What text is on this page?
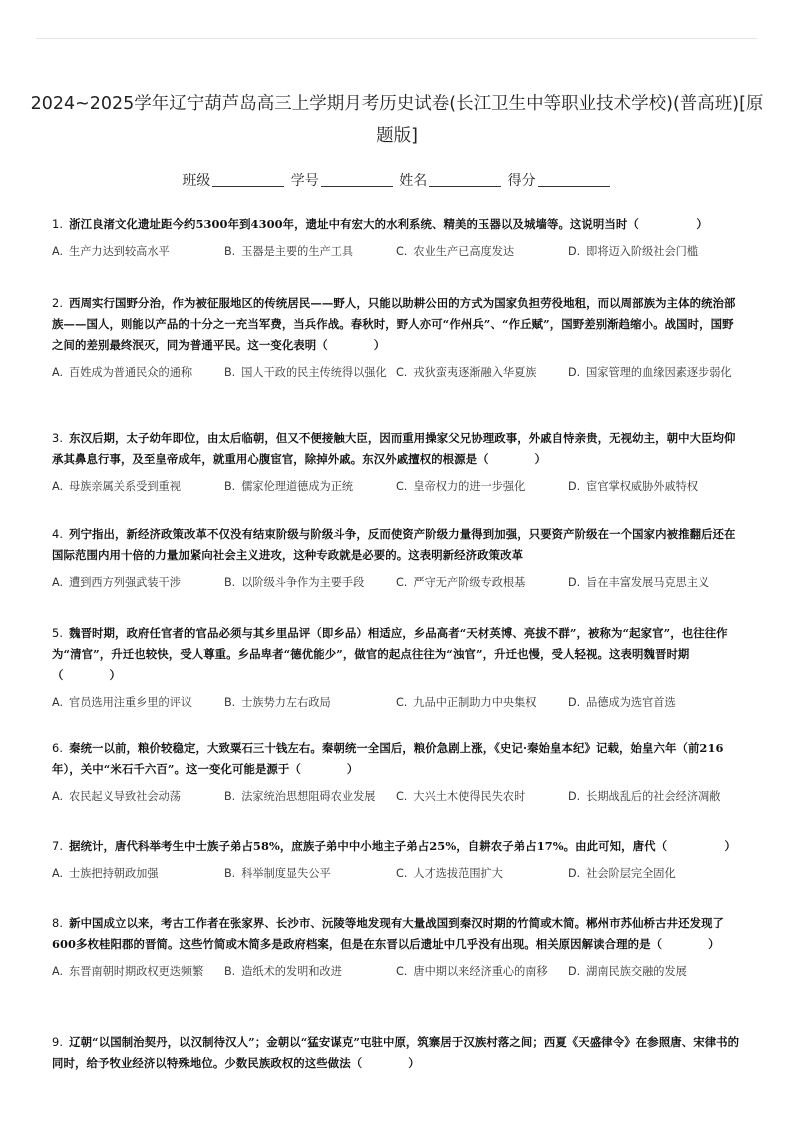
2024~2025学年辽宁葫芦岛高三上学期月考历史试卷(长江卫生中等职业技术学校)(普高班)[原题版]
班级	学号	姓名	得分
1. 浙江良渚文化遗址距今约5300年到4300年，遗址中有宏大的水利系统、精美的玉器以及城墙等。这说明当时（　　　　　）
A. 生产力达到较高水平	B. 玉器是主要的生产工具	C. 农业生产已高度发达	D. 即将迈入阶级社会门槛
2. 西周实行国野分治，作为被征服地区的传统居民——野人，只能以助耕公田的方式为国家负担劳役地租，而以周部族为主体的统治部族——国人，则能以产品的十分之一充当军费，当兵作战。春秋时，野人亦可“作州兵”、“作丘赋”，国野差别渐趋缩小。战国时，国野之间的差别最终泯灭，同为普通平民。这一变化表明（　　　　）
A. 百姓成为普通民众的通称	B. 国人干政的民主传统得以强化 C. 戎狄蛮夷逐渐融入华夏族	D. 国家管理的血缘因素逐步弱化
3. 东汉后期，太子幼年即位，由太后临朝，但又不便接触大臣，因而重用操家父兄协理政事，外戚自恃亲贵，无视幼主，朝中大臣均仰承其鼻息行事，及至皇帝成年，就重用心腹宦官，除掉外戚。东汉外戚擅权的根源是（　　　　）
A. 母族亲属关系受到重视	B. 儒家伦理道德成为正统	C. 皇帝权力的进一步强化	D. 宦官掌权威胁外戚特权
4. 列宁指出，新经济政策改革不仅没有结束阶级与阶级斗争，反而使资产阶级力量得到加强，只要资产阶级在一个国家内被推翻后还在国际范围内用十倍的力量加紧向社会主义进攻，这种专政就是必要的。这表明新经济政策改革
A. 遭到西方列强武装干涉	B. 以阶级斗争作为主要手段	C. 严守无产阶级专政根基	D. 旨在丰富发展马克思主义
5. 魏晋时期，政府任官者的官品必须与其乡里品评（即乡品）相适应，乡品高者“天材英博、亮拔不群”，被称为“起家官”，也往往作为“清官”，升迁也较快，受人尊重。乡品卑者“德优能少”，做官的起点往往为“浊官”，升迁也慢，受人轻视。这表明魏晋时期（　　　　）
A. 官员选用注重乡里的评议	B. 士族势力左右政局	C. 九品中正制助力中央集权	D. 品德成为选官首选
6. 秦统一以前，粮价较稳定，大致粟石三十钱左右。秦朝统一全国后，粮价急剧上涨，《史记·秦始皇本纪》记载，始皇六年（前216年），关中“米石千六百”。这一变化可能是源于（　　　　）
A. 农民起义导致社会动荡	B. 法家统治思想阻碍农业发展	C. 大兴土木使得民失农时	D. 长期战乱后的社会经济凋敝
7. 据统计，唐代科举考生中士族子弟占58%，庶族子弟中中小地主子弟占25%，自耕农子弟占17%。由此可知，唐代（　　　　　）
A. 士族把持朝政加强	B. 科举制度显失公平	C. 人才选拔范围扩大	D. 社会阶层完全固化
8. 新中国成立以来，考古工作者在张家界、长沙市、沅陵等地发现有大量战国到秦汉时期的竹简或木简。郴州市苏仙桥古井还发现了600多枚桂阳郡的晋简。这些竹简或木简多是政府档案，但是在东晋以后遗址中几乎没有出现。相关原因解读合理的是（　　　　）
A. 东晋南朝时期政权更迭频繁	B. 造纸术的发明和改进	C. 唐中期以来经济重心的南移	D. 湖南民族交融的发展
9. 辽朝“以国制治契丹，以汉制待汉人”；金朝以“猛安谋克”屯驻中原，筑寨居于汉族村落之间；西夏《天盛律令》在参照唐、宋律书的同时，给予牧业经济以特殊地位。少数民族政权的这些做法（　　　　）
